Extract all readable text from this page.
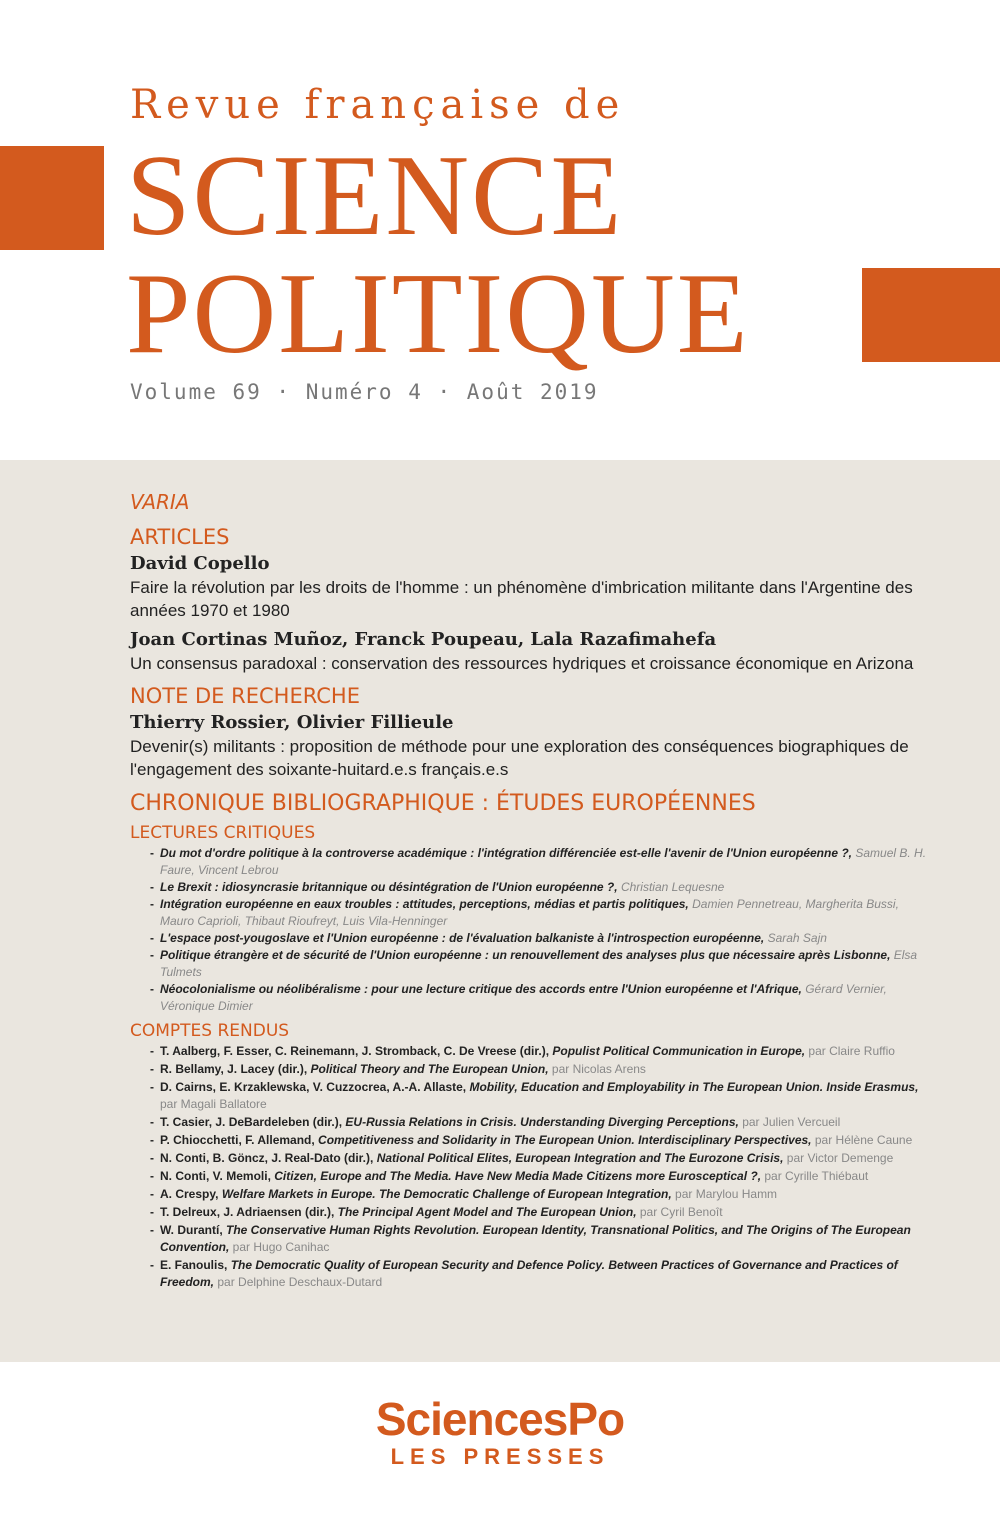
Revue française de
SCIENCE
POLITIQUE
Volume 69 · Numéro 4 · Août 2019
VARIA
ARTICLES
David Copello
Faire la révolution par les droits de l'homme : un phénomène d'imbrication militante dans l'Argentine des années 1970 et 1980
Joan Cortinas Muñoz, Franck Poupeau, Lala Razafimahefa
Un consensus paradoxal : conservation des ressources hydriques et croissance économique en Arizona
NOTE DE RECHERCHE
Thierry Rossier, Olivier Fillieule
Devenir(s) militants : proposition de méthode pour une exploration des conséquences biographiques de l'engagement des soixante-huitard.e.s français.e.s
CHRONIQUE BIBLIOGRAPHIQUE : ÉTUDES EUROPÉENNES
LECTURES CRITIQUES
- Du mot d'ordre politique à la controverse académique : l'intégration différenciée est-elle l'avenir de l'Union européenne ?, Samuel B. H. Faure, Vincent Lebrou
- Le Brexit : idiosyncrasie britannique ou désintégration de l'Union européenne ?, Christian Lequesne
- Intégration européenne en eaux troubles : attitudes, perceptions, médias et partis politiques, Damien Pennetreau, Margherita Bussi, Mauro Caprioli, Thibaut Rioufreyt, Luis Vila-Henninger
- L'espace post-yougoslave et l'Union européenne : de l'évaluation balkaniste à l'introspection européenne, Sarah Sajn
- Politique étrangère et de sécurité de l'Union européenne : un renouvellement des analyses plus que nécessaire après Lisbonne, Elsa Tulmets
- Néocolonialisme ou néolibéralisme : pour une lecture critique des accords entre l'Union européenne et l'Afrique, Gérard Vernier, Véronique Dimier
COMPTES RENDUS
- T. Aalberg, F. Esser, C. Reinemann, J. Stromback, C. De Vreese (dir.), Populist Political Communication in Europe, par Claire Ruffio
- R. Bellamy, J. Lacey (dir.), Political Theory and The European Union, par Nicolas Arens
- D. Cairns, E. Krzaklewska, V. Cuzzocrea, A.-A. Allaste, Mobility, Education and Employability in The European Union. Inside Erasmus, par Magali Ballatore
- T. Casier, J. DeBardeleben (dir.), EU-Russia Relations in Crisis. Understanding Diverging Perceptions, par Julien Vercueil
- P. Chiocchetti, F. Allemand, Competitiveness and Solidarity in The European Union. Interdisciplinary Perspectives, par Hélène Caune
- N. Conti, B. Göncz, J. Real-Dato (dir.), National Political Elites, European Integration and The Eurozone Crisis, par Victor Demenge
- N. Conti, V. Memoli, Citizen, Europe and The Media. Have New Media Made Citizens more Eurosceptical ?, par Cyrille Thiébaut
- A. Crespy, Welfare Markets in Europe. The Democratic Challenge of European Integration, par Marylou Hamm
- T. Delreux, J. Adriaensen (dir.), The Principal Agent Model and The European Union, par Cyril Benoît
- W. Durantí, The Conservative Human Rights Revolution. European Identity, Transnational Politics, and The Origins of The European Convention, par Hugo Canihac
- E. Fanoulis, The Democratic Quality of European Security and Defence Policy. Between Practices of Governance and Practices of Freedom, par Delphine Deschaux-Dutard
SciencesPo
LES PRESSES
